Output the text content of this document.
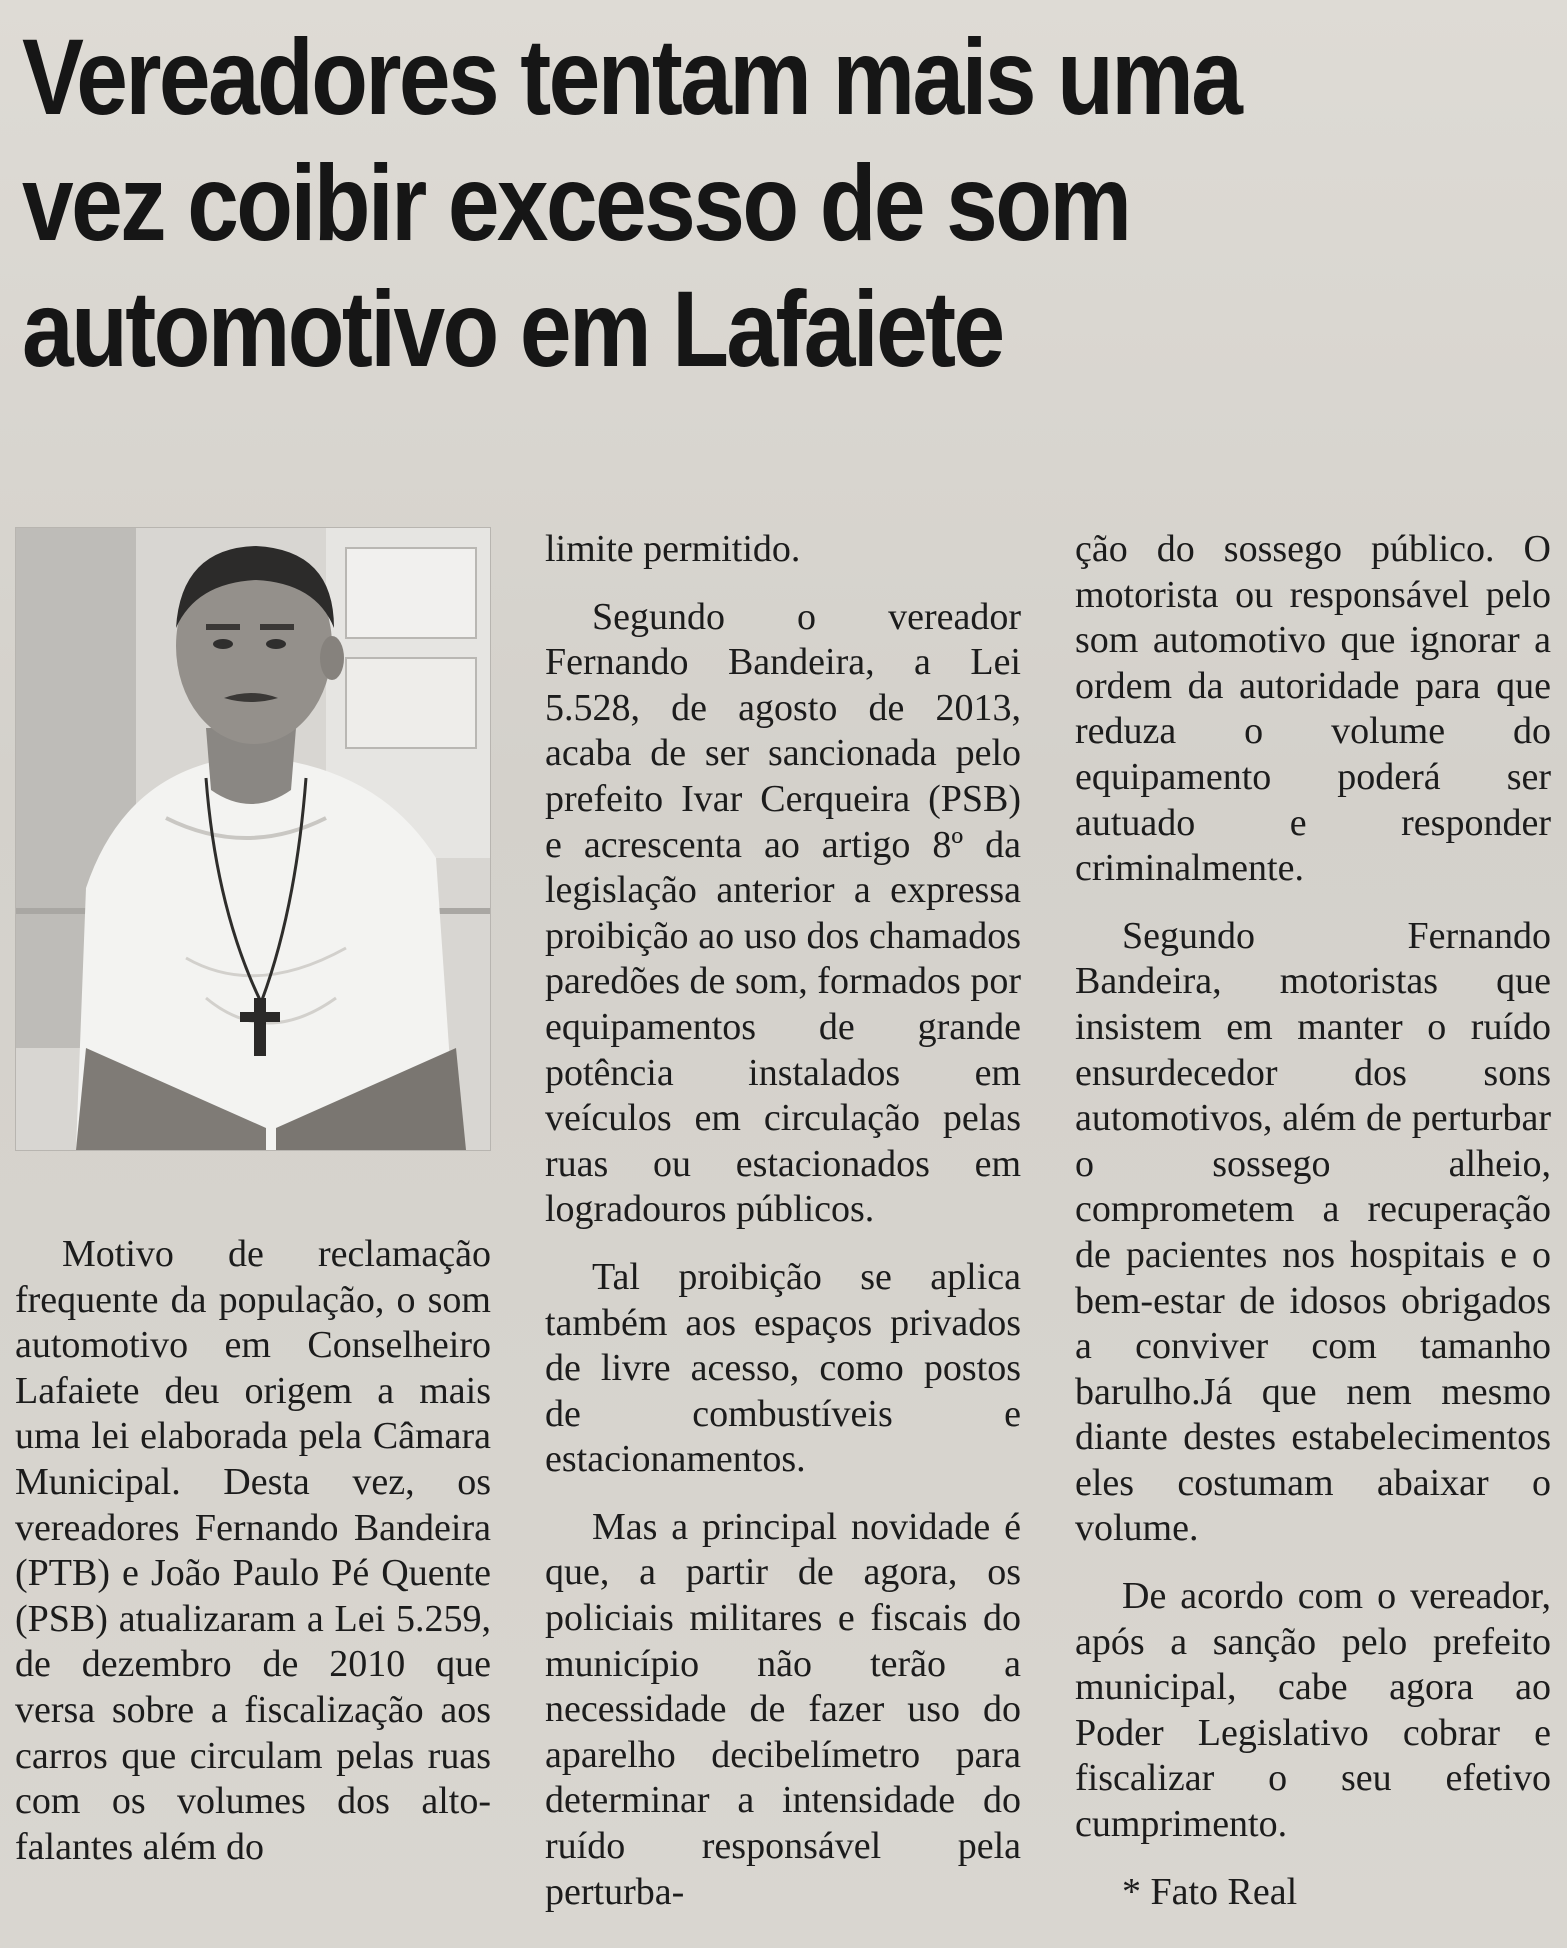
Vereadores tentam mais uma
vez coibir excesso de som
automotivo em Lafaiete

Motivo de reclamação frequente da população, o som automotivo em Conselheiro Lafaiete deu origem a mais uma lei elaborada pela Câmara Municipal. Desta vez, os vereadores Fernando Bandeira (PTB) e João Paulo Pé Quente (PSB) atualizaram a Lei 5.259, de dezembro de 2010 que versa sobre a fiscalização aos carros que circulam pelas ruas com os volumes dos alto-falantes além do

limite permitido.

Segundo o vereador Fernando Bandeira, a Lei 5.528, de agosto de 2013, acaba de ser sancionada pelo prefeito Ivar Cerqueira (PSB) e acrescenta ao artigo 8º da legislação anterior a expressa proibição ao uso dos chamados paredões de som, formados por equipamentos de grande potência instalados em veículos em circulação pelas ruas ou estacionados em logradouros públicos.

Tal proibição se aplica também aos espaços privados de livre acesso, como postos de combustíveis e estacionamentos.

Mas a principal novidade é que, a partir de agora, os policiais militares e fiscais do município não terão a necessidade de fazer uso do aparelho decibelímetro para determinar a intensidade do ruído responsável pela perturba-

ção do sossego público. O motorista ou responsável pelo som automotivo que ignorar a ordem da autoridade para que reduza o volume do equipamento poderá ser autuado e responder criminalmente.

Segundo Fernando Bandeira, motoristas que insistem em manter o ruído ensurdecedor dos sons automotivos, além de perturbar o sossego alheio, comprometem a recuperação de pacientes nos hospitais e o bem-estar de idosos obrigados a conviver com tamanho barulho.Já que nem mesmo diante destes estabelecimentos eles costumam abaixar o volume.

De acordo com o vereador, após a sanção pelo prefeito municipal, cabe agora ao Poder Legislativo cobrar e fiscalizar o seu efetivo cumprimento.

* Fato Real
